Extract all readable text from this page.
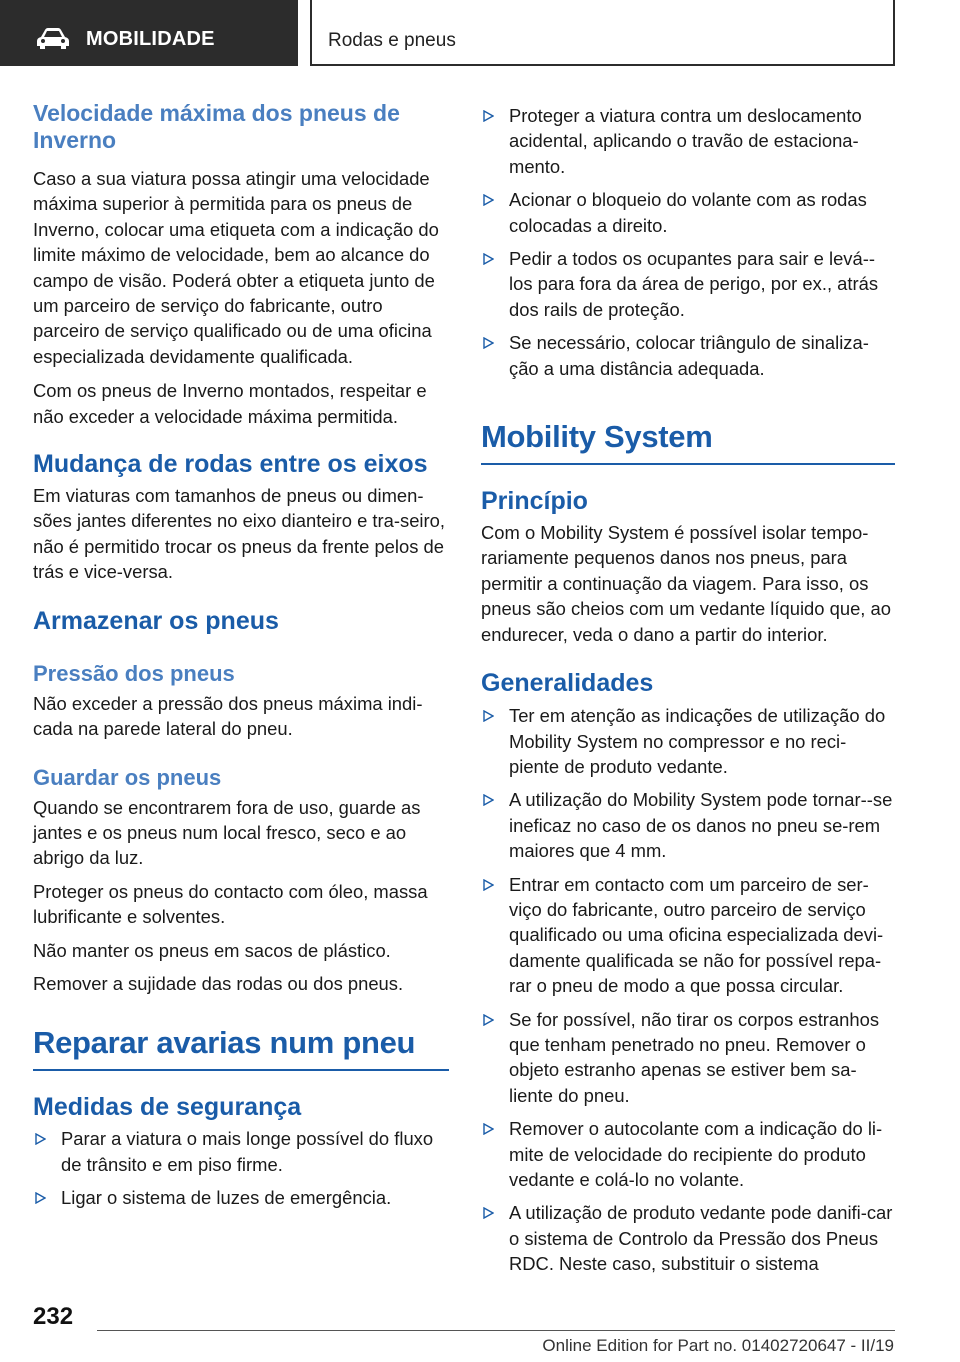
MOBILIDADE	Rodas e pneus
Velocidade máxima dos pneus de Inverno
Caso a sua viatura possa atingir uma velocidade máxima superior à permitida para os pneus de Inverno, colocar uma etiqueta com a indicação do limite máximo de velocidade, bem ao alcance do campo de visão. Poderá obter a etiqueta junto de um parceiro de serviço do fabricante, outro parceiro de serviço qualificado ou de uma oficina especializada devidamente qualificada.
Com os pneus de Inverno montados, respeitar e não exceder a velocidade máxima permitida.
Mudança de rodas entre os eixos
Em viaturas com tamanhos de pneus ou dimen-sões jantes diferentes no eixo dianteiro e tra-seiro, não é permitido trocar os pneus da frente pelos de trás e vice-versa.
Armazenar os pneus
Pressão dos pneus
Não exceder a pressão dos pneus máxima indi-cada na parede lateral do pneu.
Guardar os pneus
Quando se encontrarem fora de uso, guarde as jantes e os pneus num local fresco, seco e ao abrigo da luz.
Proteger os pneus do contacto com óleo, massa lubrificante e solventes.
Não manter os pneus em sacos de plástico.
Remover a sujidade das rodas ou dos pneus.
Reparar avarias num pneu
Medidas de segurança
Parar a viatura o mais longe possível do fluxo de trânsito e em piso firme.
Ligar o sistema de luzes de emergência.
Proteger a viatura contra um deslocamento acidental, aplicando o travão de estaciona-mento.
Acionar o bloqueio do volante com as rodas colocadas a direito.
Pedir a todos os ocupantes para sair e levá--los para fora da área de perigo, por ex., atrás dos rails de proteção.
Se necessário, colocar triângulo de sinaliza-ção a uma distância adequada.
Mobility System
Princípio
Com o Mobility System é possível isolar tempo-rariamente pequenos danos nos pneus, para permitir a continuação da viagem. Para isso, os pneus são cheios com um vedante líquido que, ao endurecer, veda o dano a partir do interior.
Generalidades
Ter em atenção as indicações de utilização do Mobility System no compressor e no reci-piente de produto vedante.
A utilização do Mobility System pode tornar--se ineficaz no caso de os danos no pneu se-rem maiores que 4 mm.
Entrar em contacto com um parceiro de ser-viço do fabricante, outro parceiro de serviço qualificado ou uma oficina especializada devi-damente qualificada se não for possível repa-rar o pneu de modo a que possa circular.
Se for possível, não tirar os corpos estranhos que tenham penetrado no pneu. Remover o objeto estranho apenas se estiver bem sa-liente do pneu.
Remover o autocolante com a indicação do li-mite de velocidade do recipiente do produto vedante e colá-lo no volante.
A utilização de produto vedante pode danifi-car o sistema de Controlo da Pressão dos Pneus RDC. Neste caso, substituir o sistema
232
Online Edition for Part no. 01402720647 - II/19
